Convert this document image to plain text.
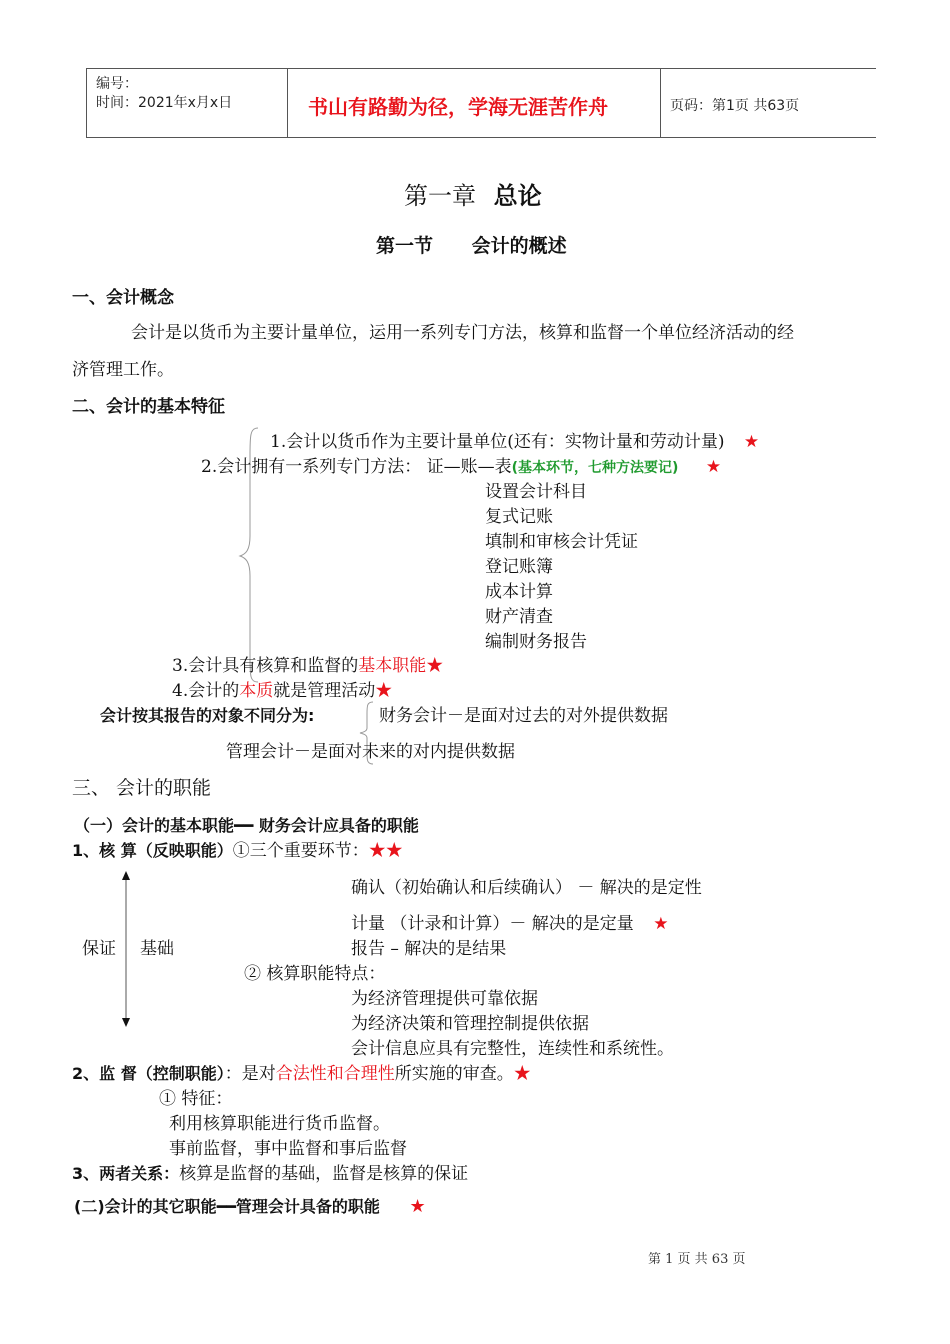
编号：
时间：2021年x月x日	书山有路勤为径，学海无涯苦作舟	页码：第1页 共63页
第一章 总论
第一节 会计的概述
一、会计概念
会计是以货币为主要计量单位，运用一系列专门方法，核算和监督一个单位经济活动的经
济管理工作。
二、会计的基本特征
1.会计以货币作为主要计量单位(还有：实物计量和劳动计量) ★
2.会计拥有一系列专门方法： 证—账—表(基本环节，七种方法要记) ★
设置会计科目
复式记账
填制和审核会计凭证
登记账簿
成本计算
财产清查
编制财务报告
3.会计具有核算和监督的基本职能★
4.会计的本质就是管理活动★
会计按其报告的对象不同分为:	财务会计－是面对过去的对外提供数据
管理会计－是面对未来的对内提供数据
三、 会计的职能
（一）会计的基本职能━━ 财务会计应具备的职能
1、核 算（反映职能）①三个重要环节：★★
保证 基础
确认（初始确认和后续确认） － 解决的是定性
计量 （计录和计算）－ 解决的是定量 ★
报告 – 解决的是结果
② 核算职能特点：
为经济管理提供可靠依据
为经济决策和管理控制提供依据
会计信息应具有完整性，连续性和系统性。
2、监 督（控制职能）：是对合法性和合理性所实施的审查。★
① 特征：
利用核算职能进行货币监督。
事前监督，事中监督和事后监督
3、两者关系：核算是监督的基础，监督是核算的保证
(二)会计的其它职能━━管理会计具备的职能 ★
第 1 页 共 63 页
